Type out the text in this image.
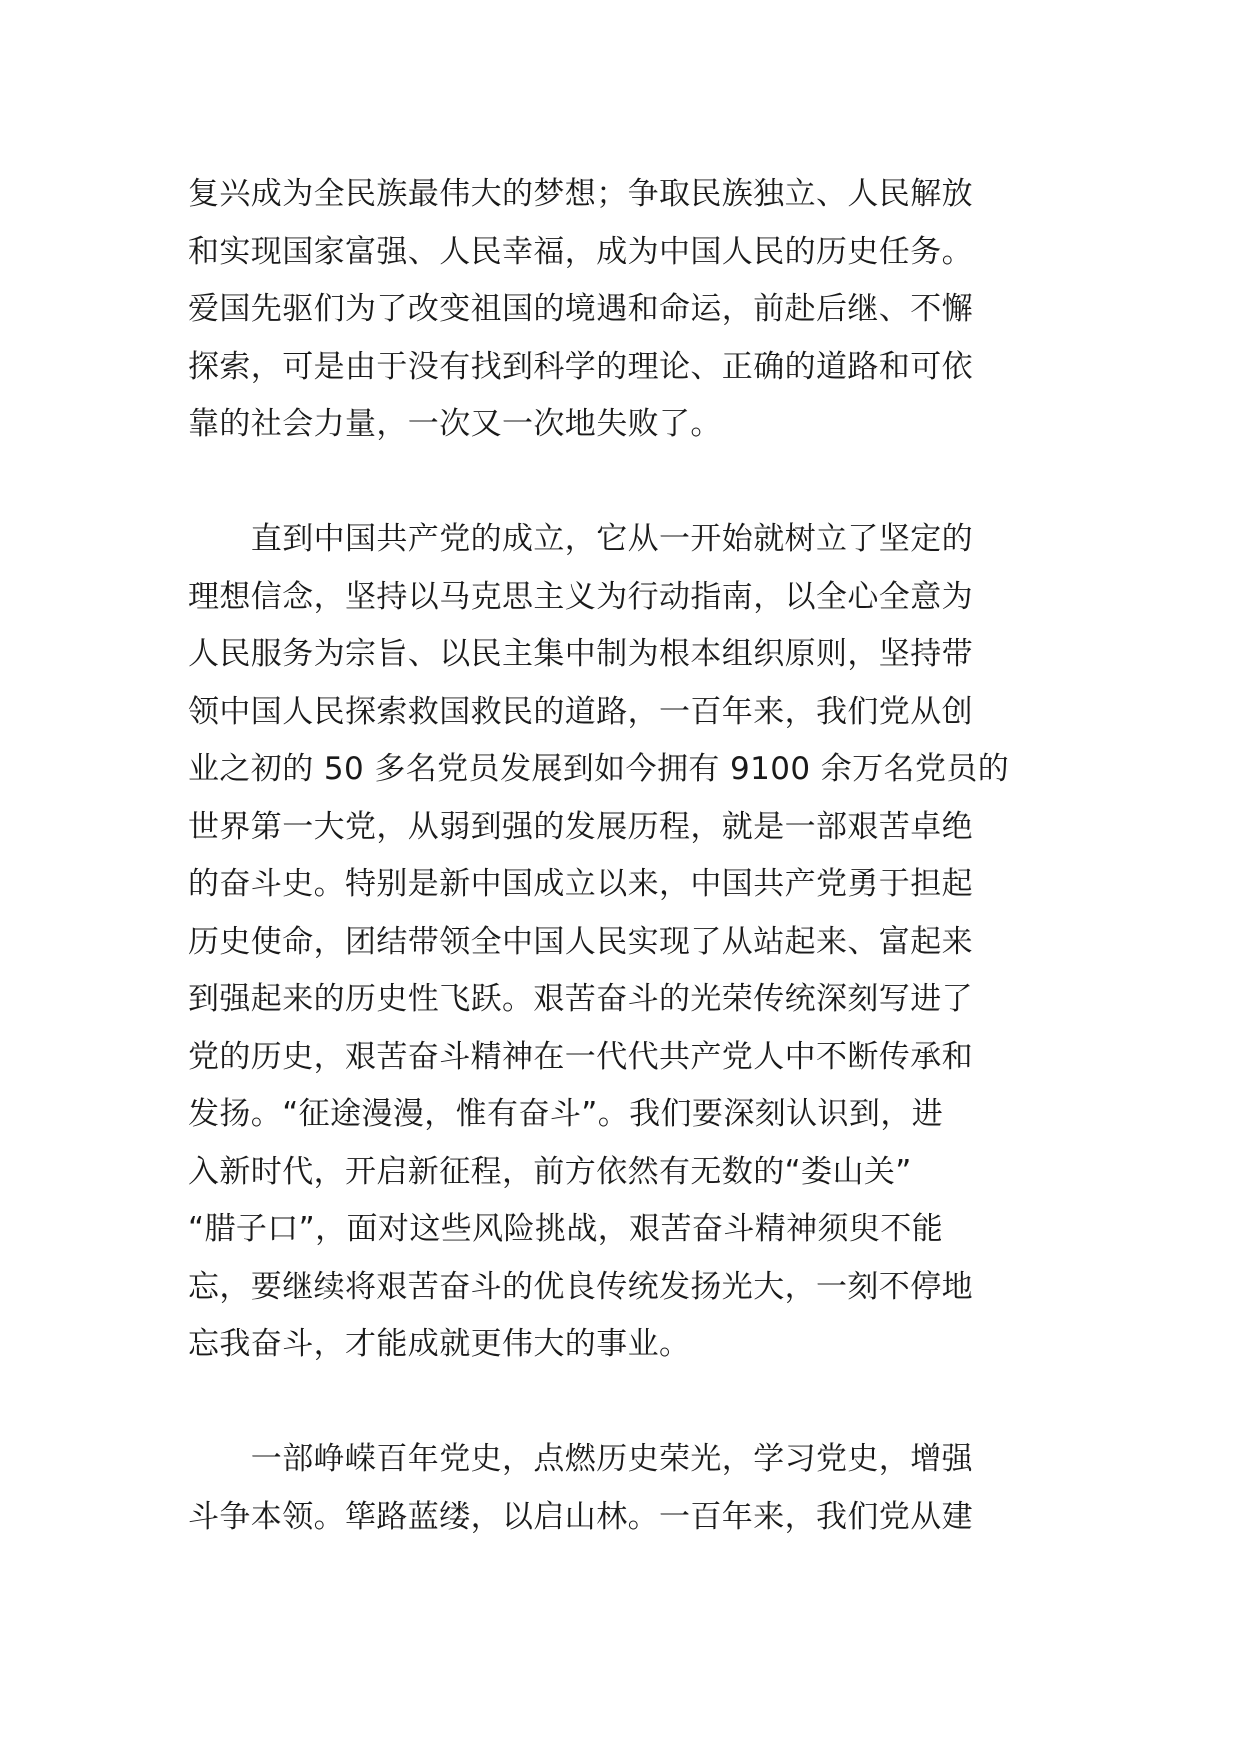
复兴成为全民族最伟大的梦想；争取民族独立、人民解放
和实现国家富强、人民幸福，成为中国人民的历史任务。
爱国先驱们为了改变祖国的境遇和命运，前赴后继、不懈
探索，可是由于没有找到科学的理论、正确的道路和可依
靠的社会力量，一次又一次地失败了。
　　直到中国共产党的成立，它从一开始就树立了坚定的
理想信念，坚持以马克思主义为行动指南，以全心全意为
人民服务为宗旨、以民主集中制为根本组织原则，坚持带
领中国人民探索救国救民的道路，一百年来，我们党从创
业之初的 50 多名党员发展到如今拥有 9100 余万名党员的
世界第一大党，从弱到强的发展历程，就是一部艰苦卓绝
的奋斗史。特别是新中国成立以来，中国共产党勇于担起
历史使命，团结带领全中国人民实现了从站起来、富起来
到强起来的历史性飞跃。艰苦奋斗的光荣传统深刻写进了
党的历史，艰苦奋斗精神在一代代共产党人中不断传承和
发扬。“征途漫漫，惟有奋斗”。我们要深刻认识到，进
入新时代，开启新征程，前方依然有无数的“娄山关”
“腊子口”，面对这些风险挑战，艰苦奋斗精神须臾不能
忘，要继续将艰苦奋斗的优良传统发扬光大，一刻不停地
忘我奋斗，才能成就更伟大的事业。
　　一部峥嵘百年党史，点燃历史荣光，学习党史，增强
斗争本领。筚路蓝缕，以启山林。一百年来，我们党从建
